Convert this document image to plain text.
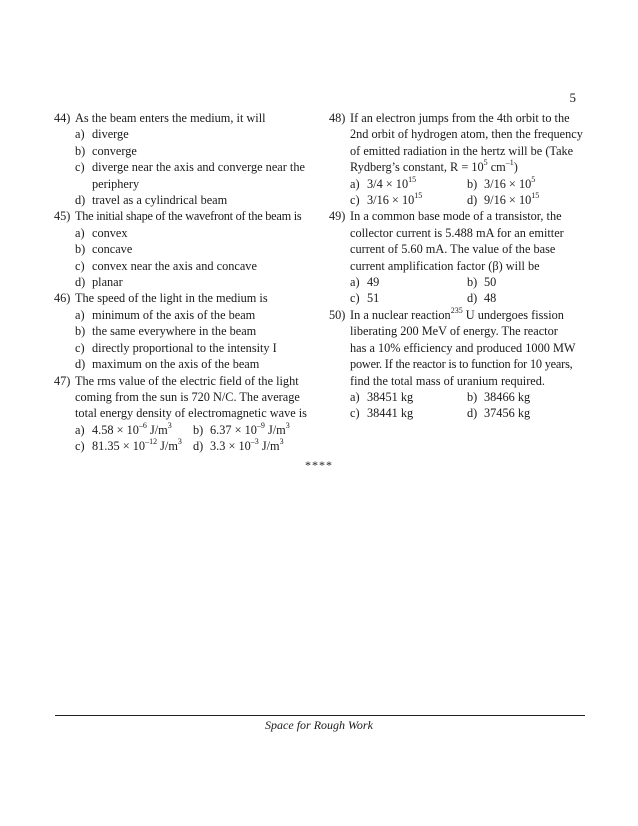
5
44) As the beam enters the medium, it will
a) diverge
b) converge
c) diverge near the axis and converge near the
periphery
d) travel as a cylindrical beam
45) The initial shape of the wavefront of the beam is
a) convex
b) concave
c) convex near the axis and concave
d) planar
46) The speed of the light in the medium is
a) minimum of the axis of the beam
b) the same everywhere in the beam
c) directly proportional to the intensity I
d) maximum on the axis of the beam
47) The rms value of the electric field of the light
coming from the sun is 720 N/C. The average
total energy density of electromagnetic wave is
a) $4.58 \times 10^{-6}$ $J/m^3$ b) $6.37 \times 10^{-9}$ $J/m^3$
c) $81.35 \times 10^{-12}$ $J/m^3$ d) $3.3 \times 10^{-3}$ $J/m^3$
48) If an electron jumps from the 4th orbit to the
2nd orbit of hydrogen atom, then the frequency
of emitted radiation in the hertz will be (Take
Rydberg’s constant, $R = 10^5$ $cm^{-1}$)
a) $3/4 \times 10^{15}$	b) $3/16 \times 10^5$
c) $3/16 \times 10^{15}$	d) $9/16 \times 10^{15}$
49) In a common base mode of a transistor, the
collector current is 5.488 mA for an emitter
current of 5.60 mA. The value of the base
current amplification factor (β) will be
a) 49	b) 50
c) 51	d) 48
50) In a nuclear reaction$^{235}$ U undergoes fission
liberating 200 MeV of energy. The reactor
has a 10% efficiency and produced 1000 MW
power. If the reactor is to function for 10 years,
find the total mass of uranium required.
a) 38451 kg	b) 38466 kg
c) 38441 kg	d) 37456 kg
****
Space for Rough Work
